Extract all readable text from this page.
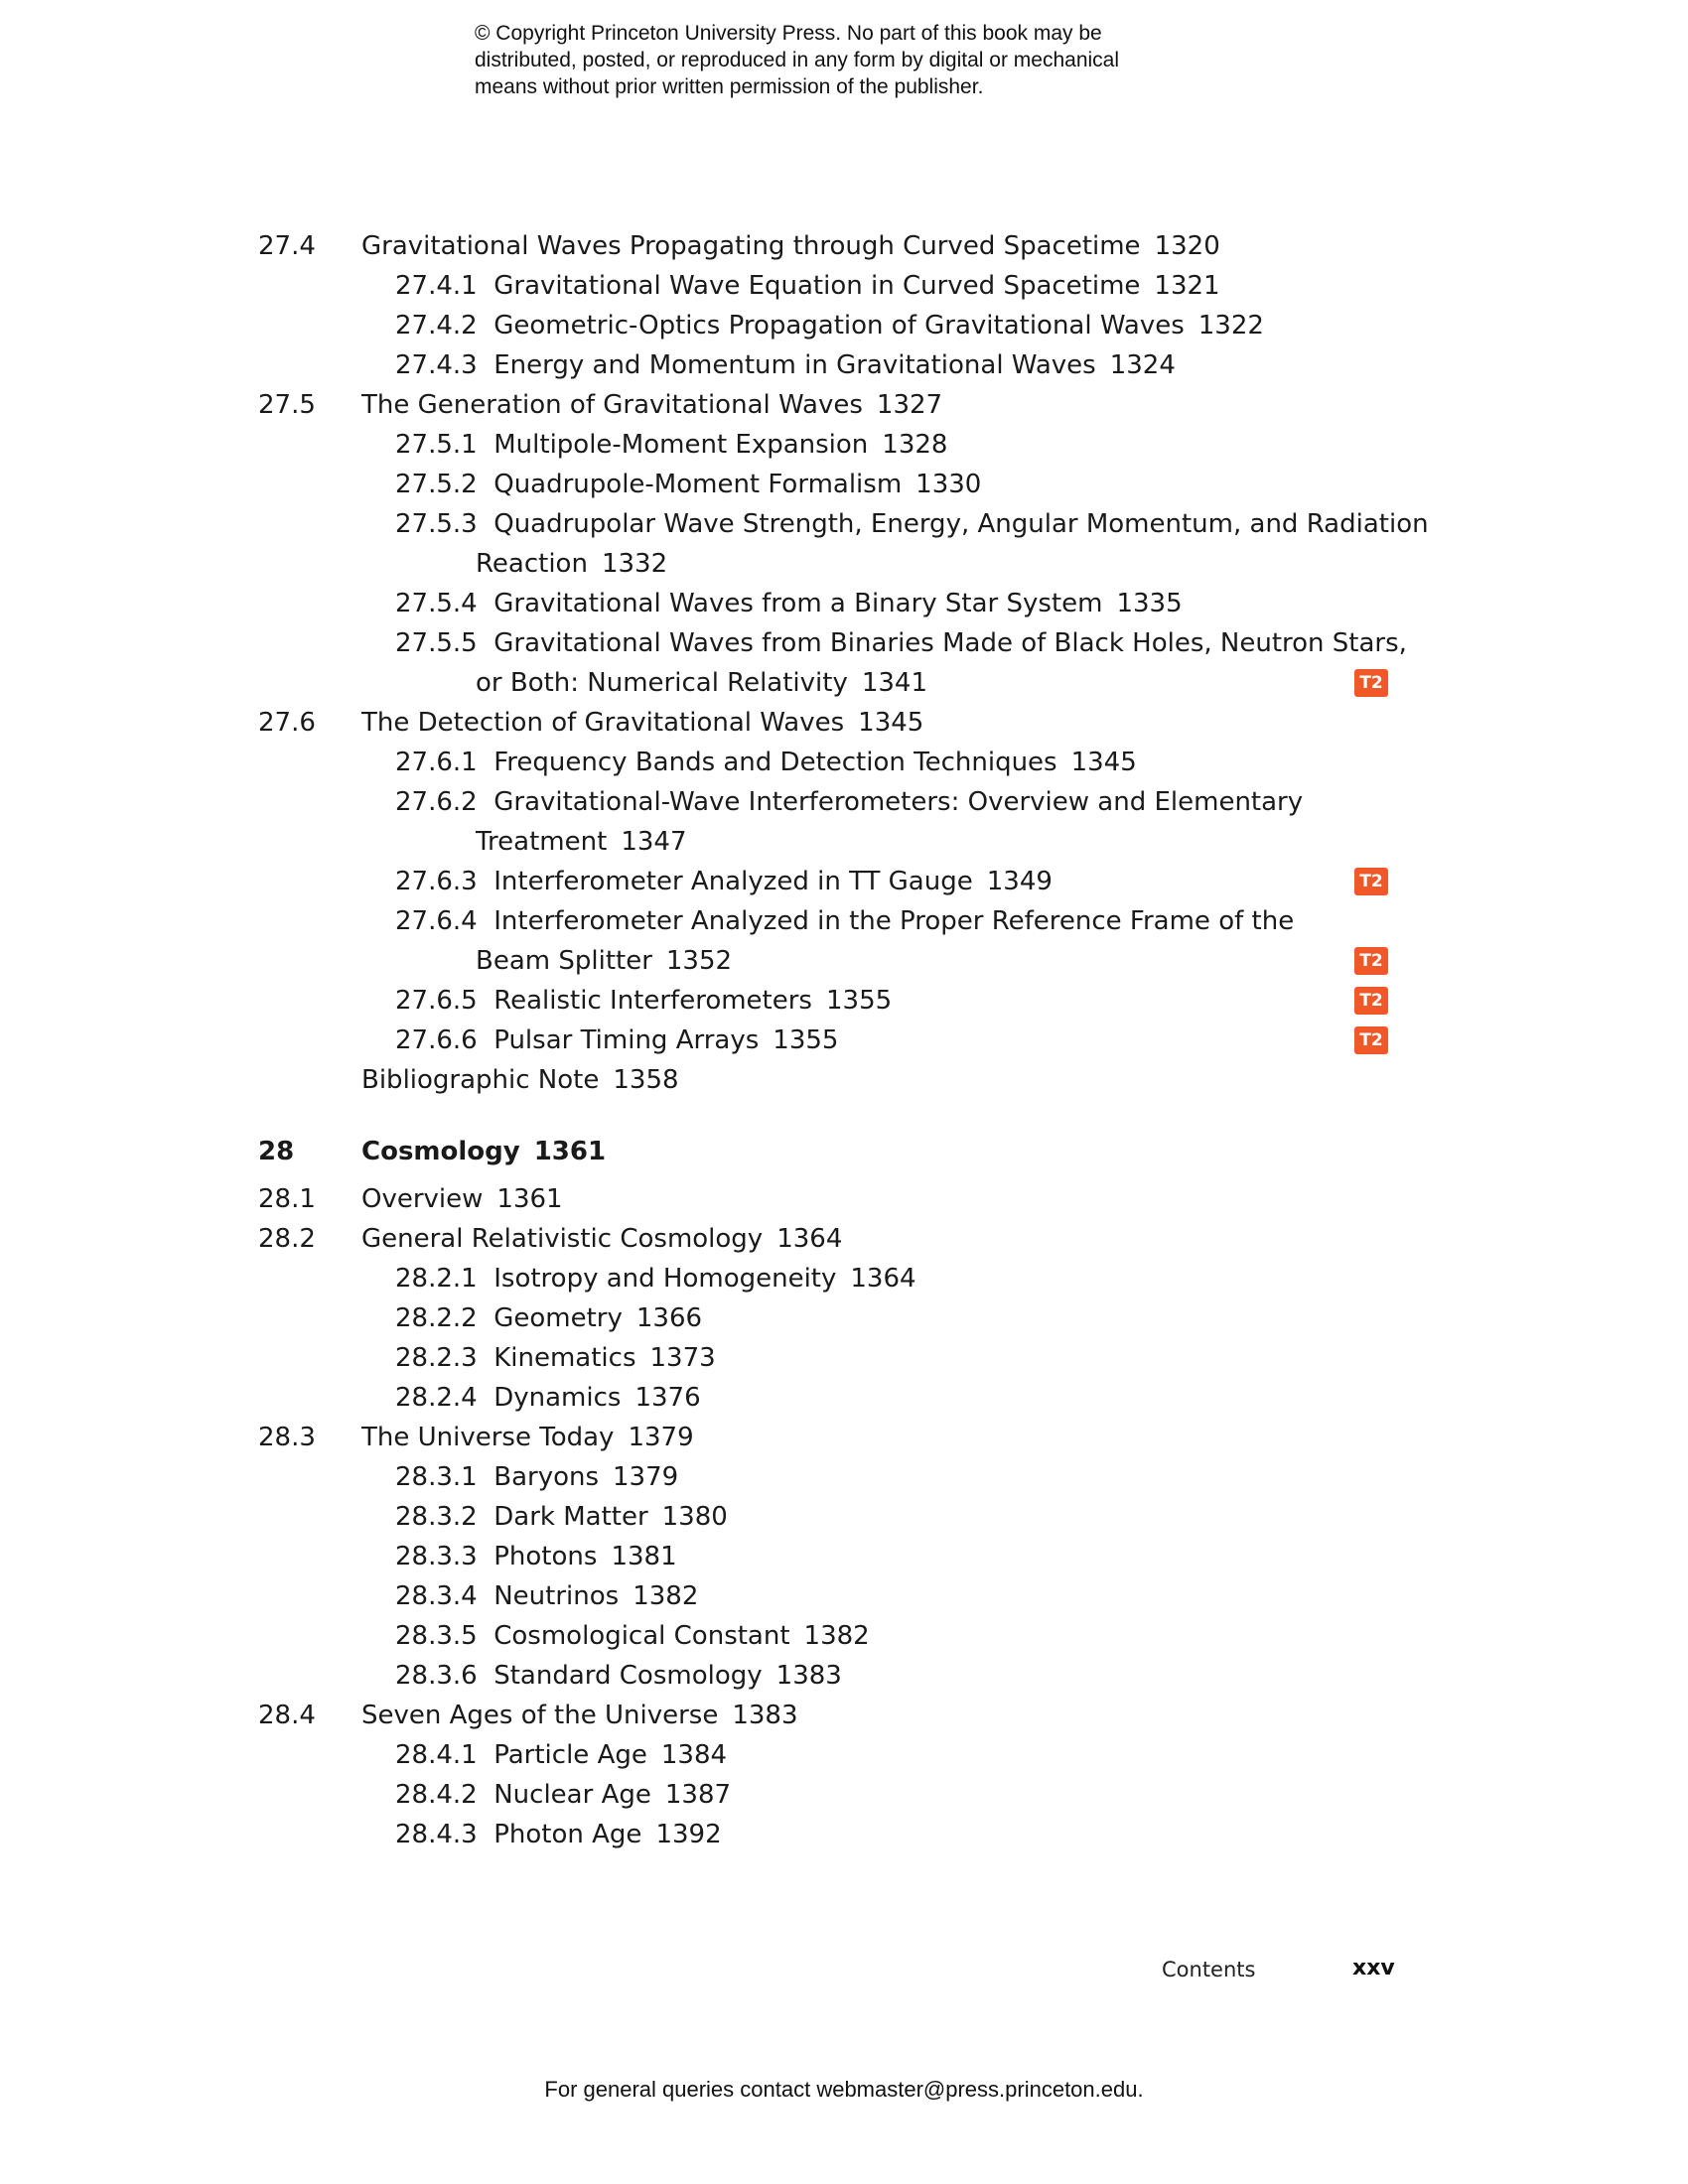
© Copyright Princeton University Press. No part of this book may be
distributed, posted, or reproduced in any form by digital or mechanical
means without prior written permission of the publisher.
27.4 Gravitational Waves Propagating through Curved Spacetime 1320
27.4.1 Gravitational Wave Equation in Curved Spacetime 1321
27.4.2 Geometric-Optics Propagation of Gravitational Waves 1322
27.4.3 Energy and Momentum in Gravitational Waves 1324
27.5 The Generation of Gravitational Waves 1327
27.5.1 Multipole-Moment Expansion 1328
27.5.2 Quadrupole-Moment Formalism 1330
27.5.3 Quadrupolar Wave Strength, Energy, Angular Momentum, and Radiation
Reaction 1332
27.5.4 Gravitational Waves from a Binary Star System 1335
27.5.5 Gravitational Waves from Binaries Made of Black Holes, Neutron Stars,
or Both: Numerical Relativity 1341	T2
27.6 The Detection of Gravitational Waves 1345
27.6.1 Frequency Bands and Detection Techniques 1345
27.6.2 Gravitational-Wave Interferometers: Overview and Elementary
Treatment 1347
27.6.3 Interferometer Analyzed in TT Gauge 1349	T2
27.6.4 Interferometer Analyzed in the Proper Reference Frame of the
Beam Splitter 1352	T2
27.6.5 Realistic Interferometers 1355	T2
27.6.6 Pulsar Timing Arrays 1355	T2
Bibliographic Note 1358
28	Cosmology 1361
28.1 Overview 1361
28.2 General Relativistic Cosmology 1364
28.2.1 Isotropy and Homogeneity 1364
28.2.2 Geometry 1366
28.2.3 Kinematics 1373
28.2.4 Dynamics 1376
28.3 The Universe Today 1379
28.3.1 Baryons 1379
28.3.2 Dark Matter 1380
28.3.3 Photons 1381
28.3.4 Neutrinos 1382
28.3.5 Cosmological Constant 1382
28.3.6 Standard Cosmology 1383
28.4 Seven Ages of the Universe 1383
28.4.1 Particle Age 1384
28.4.2 Nuclear Age 1387
28.4.3 Photon Age 1392
Contents	xxv
For general queries contact webmaster@press.princeton.edu.
